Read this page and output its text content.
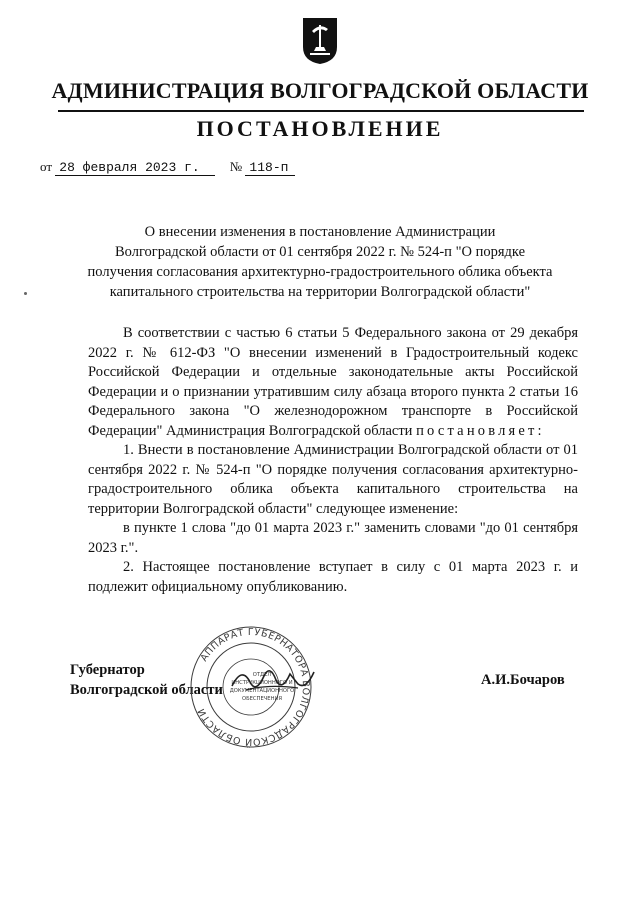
АДМИНИСТРАЦИЯ ВОЛГОГРАДСКОЙ ОБЛАСТИ
ПОСТАНОВЛЕНИЕ
от 28 февраля 2023 г. № 118-п
О внесении изменения в постановление Администрации
Волгоградской области от 01 сентября 2022 г. № 524-п "О порядке
получения согласования архитектурно-градостроительного облика объекта
капитального строительства на территории Волгоградской области"

В соответствии с частью 6 статьи 5 Федерального закона от 29 декабря 2022 г. № 612-ФЗ "О внесении изменений в Градостроительный кодекс Российской Федерации и отдельные законодательные акты Российской Федерации и о признании утратившим силу абзаца второго пункта 2 статьи 16 Федерального закона "О железнодорожном транспорте в Российской Федерации" Администрация Волгоградской области постановляет:

1. Внести в постановление Администрации Волгоградской области от 01 сентября 2022 г. № 524-п "О порядке получения согласования архитектурно-градостроительного облика объекта капитального строительства на территории Волгоградской области" следующее изменение:

в пункте 1 слова "до 01 марта 2023 г." заменить словами "до 01 сентября 2023 г.".

2. Настоящее постановление вступает в силу с 01 марта 2023 г. и подлежит официальному опубликованию.

Губернатор
Волгоградской области
АППАРАТ ГУБЕРНАТОРА ВОЛГОГРАДСКОЙ ОБЛАСТИ
ОТДЕЛ
ИНСТРУКЦИОННОГО И
ДОКУМЕНТАЦИОННОГО
ОБЕСПЕЧЕНИЯ
А.И.Бочаров
